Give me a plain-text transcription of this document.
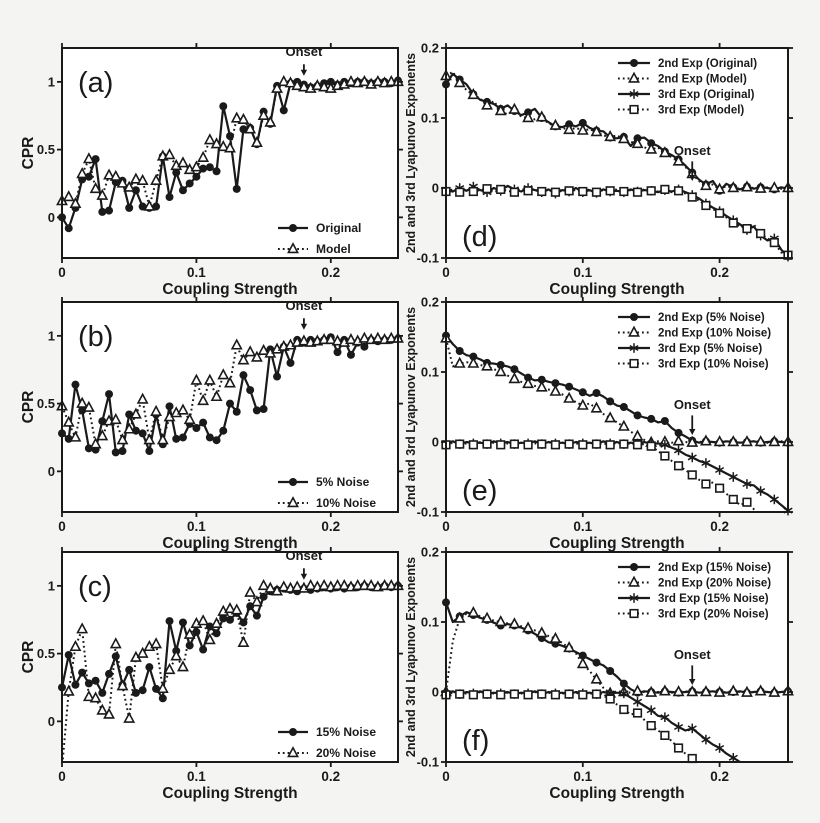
0	0.1	0.2
0
0.5
1
Coupling Strength
CPR
(a)
Onset
Original
Model
0	0.1	0.2
-0.1
0
0.1
0.2
Coupling Strength
2nd and 3rd Lyapunov Exponents (d)
Onset
2nd Exp (Original)
2nd Exp (Model)
3rd Exp (Original)
3rd Exp (Model)
0	0.1	0.2
0
0.5
1
Coupling Strength
CPR
(b)
Onset
5% Noise
10% Noise
0	0.1	0.2
-0.1
0
0.1
0.2
Coupling Strength
2nd and 3rd Lyapunov Exponents (e)
Onset
2nd Exp (5% Noise)
2nd Exp (10% Noise)
3rd Exp (5% Noise)
3rd Exp (10% Noise)
0	0.1	0.2
0
0.5
1
Coupling Strength
CPR
(c)
Onset
15% Noise
20% Noise
0	0.1	0.2
-0.1
0
0.1
0.2
Coupling Strength
2nd and 3rd Lyapunov Exponents (f)
Onset
2nd Exp (15% Noise)
2nd Exp (20% Noise)
3rd Exp (15% Noise)
3rd Exp (20% Noise)
